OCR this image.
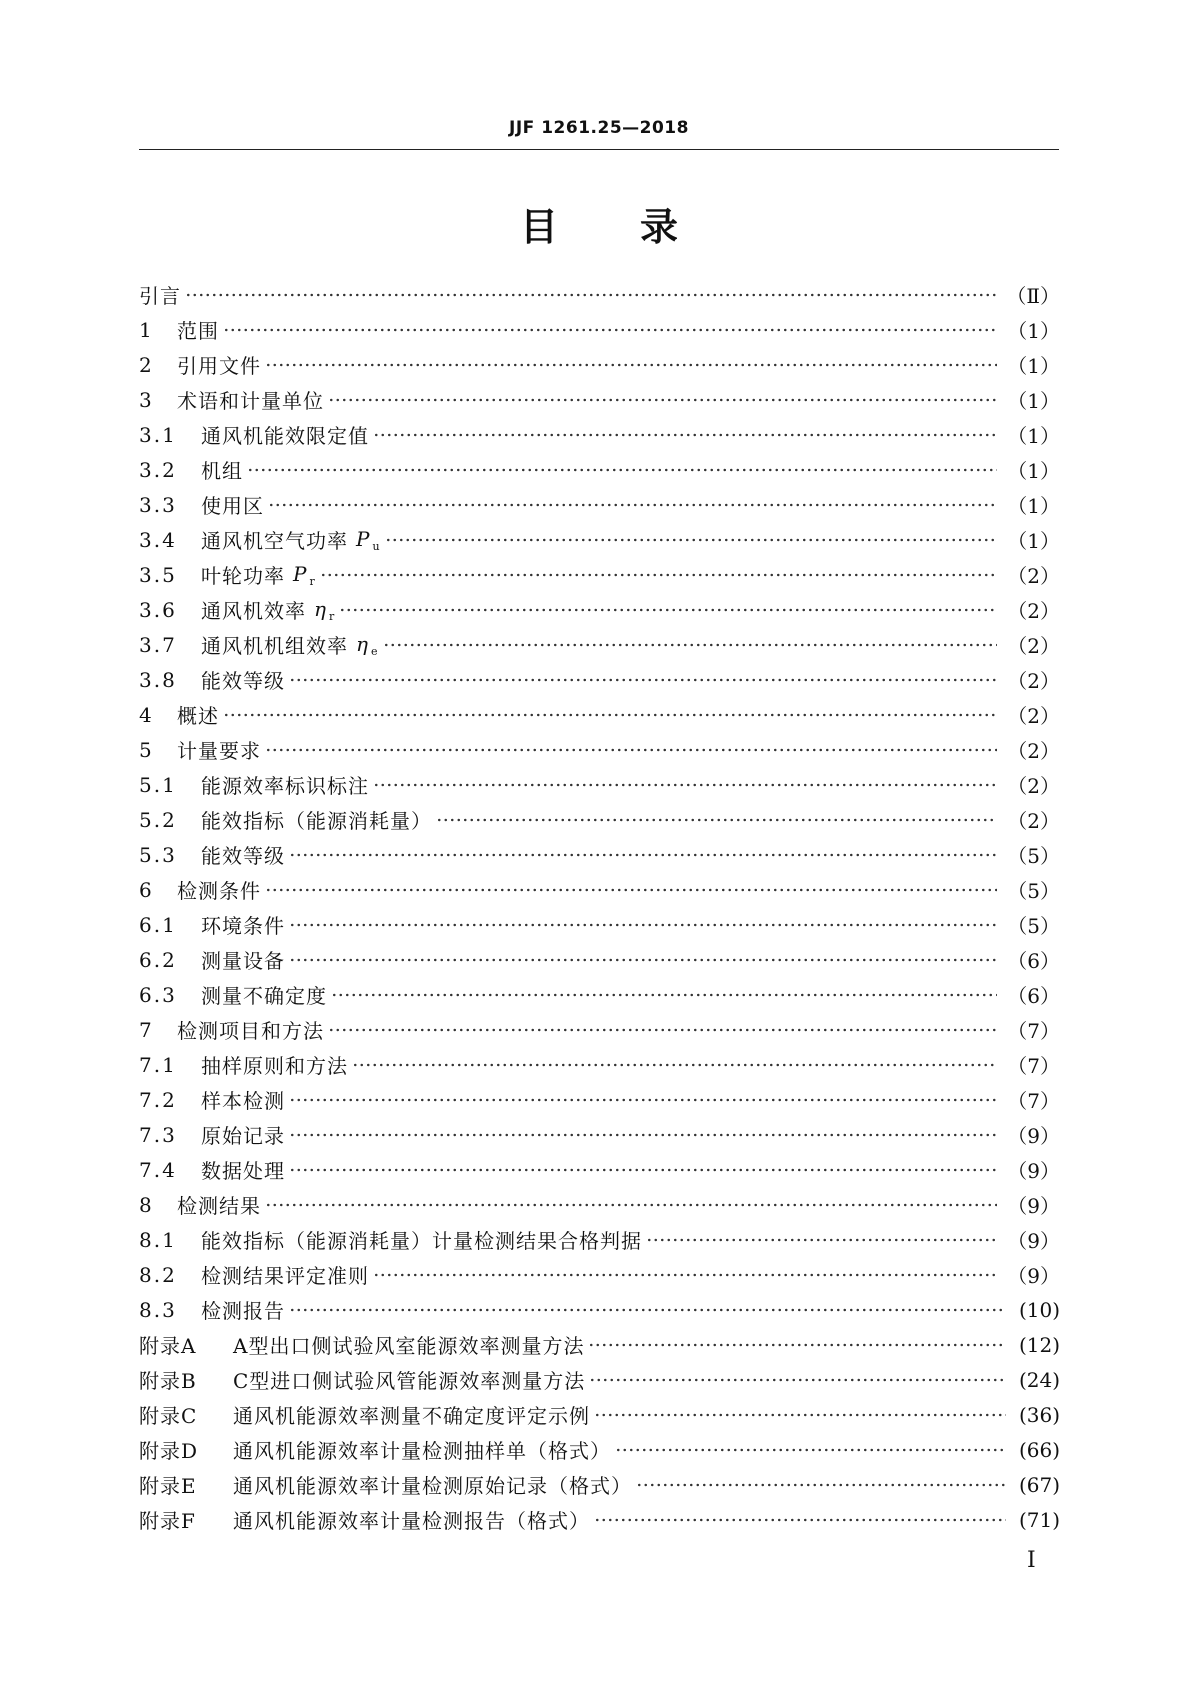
JJF 1261.25—2018
目 录
引言	（Ⅱ）
1	范围	（1）
2	引用文件	（1）
3	术语和计量单位	（1）
3.1	通风机能效限定值	（1）
3.2	机组	（1）
3.3	使用区	（1）
3.4	通风机空气功率 P $_u$	（1）
3.5	叶轮功率 P $_r$	（2）
3.6	通风机效率 η $_r$	（2）
3.7	通风机机组效率 η $_e$	（2）
3.8	能效等级	（2）
4	概述	（2）
5	计量要求	（2）
5.1	能源效率标识标注	（2）
5.2	能效指标（能源消耗量）	（2）
5.3	能效等级	（5）
6	检测条件	（5）
6.1	环境条件	（5）
6.2	测量设备	（6）
6.3	测量不确定度	（6）
7	检测项目和方法	（7）
7.1	抽样原则和方法	（7）
7.2	样本检测	（7）
7.3	原始记录	（9）
7.4	数据处理	（9）
8	检测结果	（9）
8.1	能效指标（能源消耗量）计量检测结果合格判据	（9）
8.2	检测结果评定准则	（9）
8.3	检测报告	(10)
附录A	A型出口侧试验风室能源效率测量方法	(12)
附录B	C型进口侧试验风管能源效率测量方法	(24)
附录C	通风机能源效率测量不确定度评定示例	(36)
附录D	通风机能源效率计量检测抽样单（格式）	(66)
附录E	通风机能源效率计量检测原始记录（格式）	(67)
附录F	通风机能源效率计量检测报告（格式）	(71)
Ⅰ
